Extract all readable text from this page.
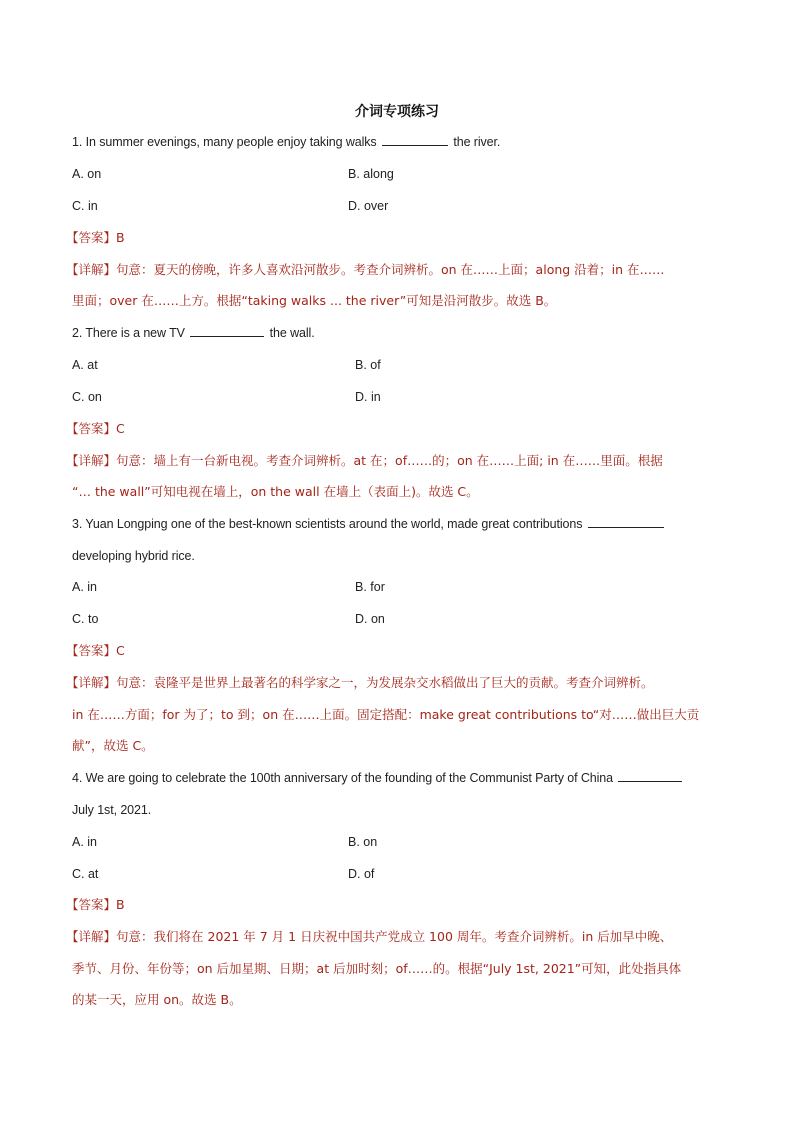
介词专项练习
1. In summer evenings, many people enjoy taking walks	the river.
A. on	B. along
C. in	D. over
【答案】B
【详解】句意：夏天的傍晚，许多人喜欢沿河散步。考查介词辨析。on 在……上面；along 沿着；in 在……
里面；over 在……上方。根据“taking walks ... the river”可知是沿河散步。故选 B。
2. There is a new TV	the wall.
A. at	B. of
C. on	D. in
【答案】C
【详解】句意：墙上有一台新电视。考查介词辨析。at 在；of……的；on 在……上面; in 在……里面。根据
“… the wall”可知电视在墙上，on the wall 在墙上（表面上)。故选 C。
3. Yuan Longping one of the best-known scientists around the world, made great contributions
developing hybrid rice.
A. in	B. for
C. to	D. on
【答案】C
【详解】句意：袁隆平是世界上最著名的科学家之一，为发展杂交水稻做出了巨大的贡献。考查介词辨析。
in 在……方面；for 为了；to 到；on 在……上面。固定搭配：make great contributions to“对……做出巨大贡
献”，故选 C。
4. We are going to celebrate the 100th anniversary of the founding of the Communist Party of China
July 1st, 2021.
A. in	B. on
C. at	D. of
【答案】B
【详解】句意：我们将在 2021 年 7 月 1 日庆祝中国共产党成立 100 周年。考查介词辨析。in 后加早中晚、
季节、月份、年份等；on 后加星期、日期；at 后加时刻；of……的。根据“July 1st, 2021”可知，此处指具体
的某一天，应用 on。故选 B。
